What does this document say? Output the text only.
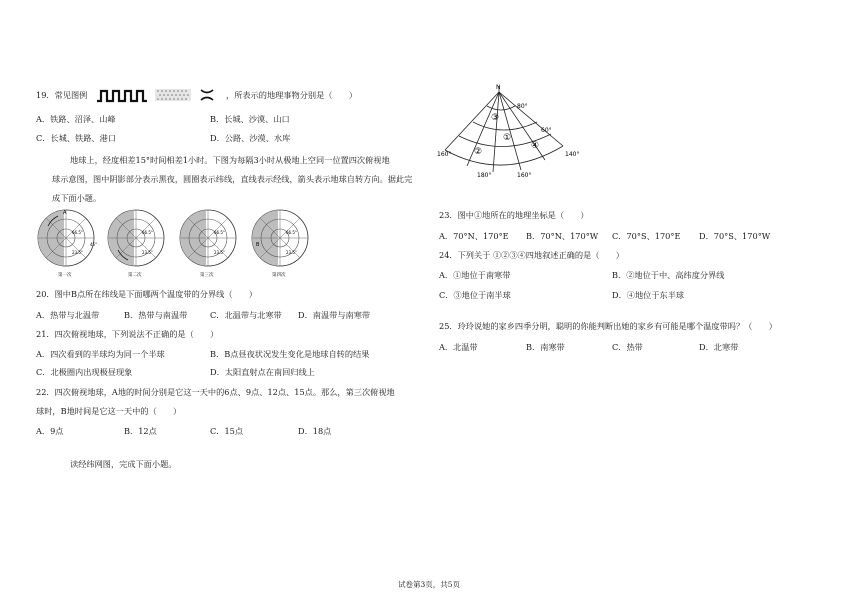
19．常见图例	，所表示的地理事物分别是（　　）
A．铁路、沼泽、山峰	B．长城、沙漠、山口
C．长城、铁路、港口	D．公路、沙漠、水库
地球上，经度相差15°时间相差1小时。下图为每隔3小时从极地上空同一位置四次俯视地
球示意图，图中阴影部分表示黑夜，圆圈表示纬线，直线表示经线，箭头表示地球自转方向。据此完
成下面小题。
A
66.5°
23.5°
45°
第一次
66.5°
23.5°
第二次
66.5°
23.5°
第三次
B
66.5°
23.5°
第四次
20．图中B点所在纬线是下面哪两个温度带的分界线（　　）
A．热带与北温带	B．热带与南温带	C．北温带与北寒带 D．南温带与南寒带
21．四次俯视地球，下列说法不正确的是（　　）
A．四次看到的半球均为同一个半球	B．B点昼夜状况发生变化是地球自转的结果
C．北极圈内出现极昼现象	D．太阳直射点在南回归线上
22．四次俯视地球，A地的时间分别是它这一天中的6点、9点、12点、15点。那么，第三次俯视地
球时，B地时间是它这一天中的（　　）
A．9点	B．12点	C．15点	D．18点
读经纬网图，完成下面小题。
N
80°
60°
160°
180°	160°
140°
①
②
③
④
23．图中①地所在的地理坐标是（　　）
A．70°N、170°E B．70°N、170°W C．70°S、170°E D．70°S、170°W
24．下列关于 ①②③④四地叙述正确的是（　　）
A．①地位于南寒带	B．②地位于中、高纬度分界线
C．③地位于南半球	D．④地位于东半球
25．玲玲说她的家乡四季分明，聪明的你能判断出她的家乡有可能是哪个温度带吗？（　　）
A．北温带	B．南寒带	C．热带	D．北寒带
试卷第3页，共5页
